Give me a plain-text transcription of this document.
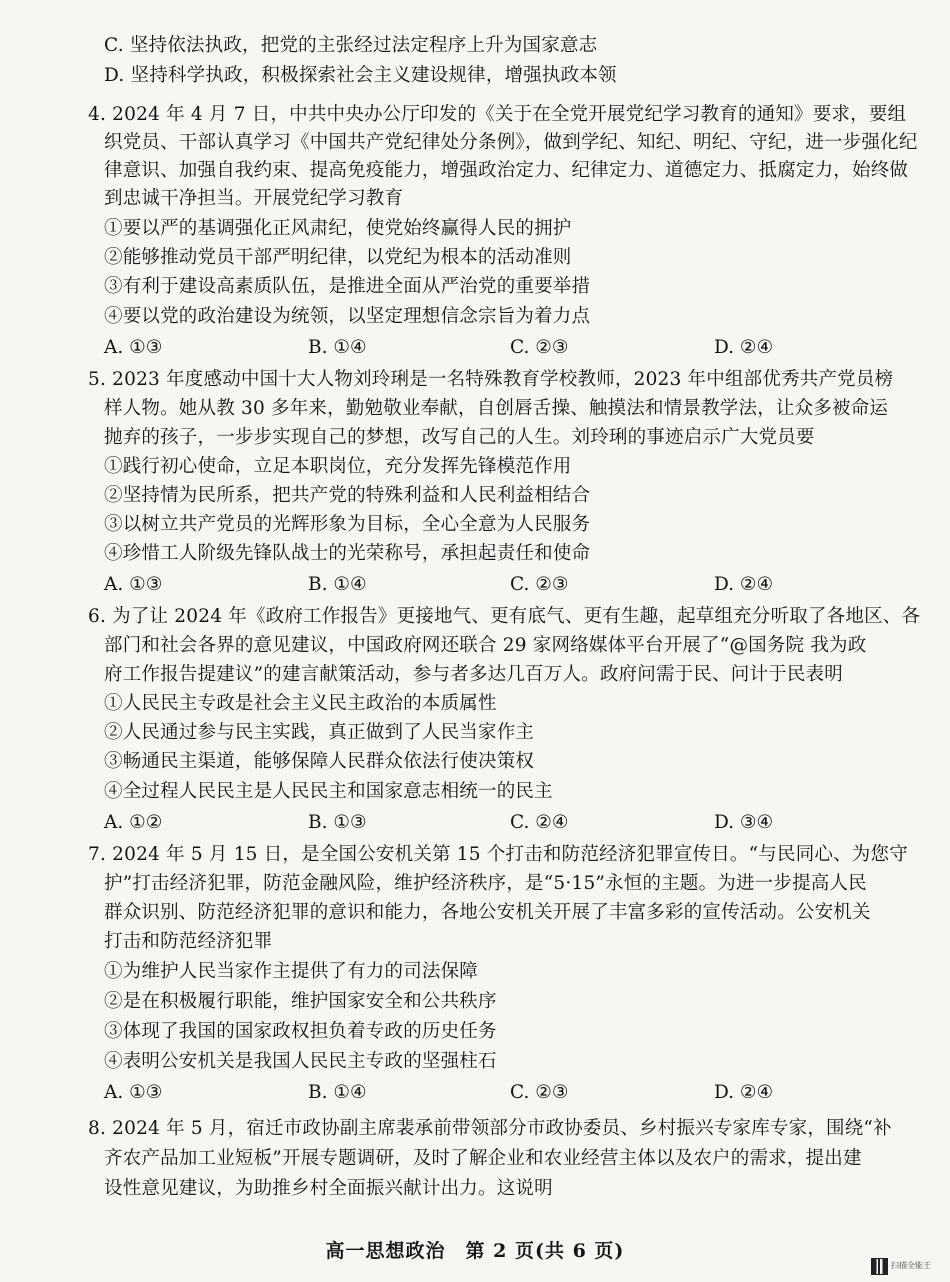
C. 坚持依法执政，把党的主张经过法定程序上升为国家意志
D. 坚持科学执政，积极探索社会主义建设规律，增强执政本领
4. 2024 年 4 月 7 日，中共中央办公厅印发的《关于在全党开展党纪学习教育的通知》要求，要组
织党员、干部认真学习《中国共产党纪律处分条例》，做到学纪、知纪、明纪、守纪，进一步强化纪
律意识、加强自我约束、提高免疫能力，增强政治定力、纪律定力、道德定力、抵腐定力，始终做
到忠诚干净担当。开展党纪学习教育
①要以严的基调强化正风肃纪，使党始终赢得人民的拥护
②能够推动党员干部严明纪律，以党纪为根本的活动准则
③有利于建设高素质队伍，是推进全面从严治党的重要举措
④要以党的政治建设为统领，以坚定理想信念宗旨为着力点
A. ①③	B. ①④	C. ②③	D. ②④
5. 2023 年度感动中国十大人物刘玲琍是一名特殊教育学校教师，2023 年中组部优秀共产党员榜
样人物。她从教 30 多年来，勤勉敬业奉献，自创唇舌操、触摸法和情景教学法，让众多被命运
抛弃的孩子，一步步实现自己的梦想，改写自己的人生。刘玲琍的事迹启示广大党员要
①践行初心使命，立足本职岗位，充分发挥先锋模范作用
②坚持情为民所系，把共产党的特殊利益和人民利益相结合
③以树立共产党员的光辉形象为目标，全心全意为人民服务
④珍惜工人阶级先锋队战士的光荣称号，承担起责任和使命
A. ①③	B. ①④	C. ②③	D. ②④
6. 为了让 2024 年《政府工作报告》更接地气、更有底气、更有生趣，起草组充分听取了各地区、各
部门和社会各界的意见建议，中国政府网还联合 29 家网络媒体平台开展了“@国务院 我为政
府工作报告提建议”的建言献策活动，参与者多达几百万人。政府问需于民、问计于民表明
①人民民主专政是社会主义民主政治的本质属性
②人民通过参与民主实践，真正做到了人民当家作主
③畅通民主渠道，能够保障人民群众依法行使决策权
④全过程人民民主是人民民主和国家意志相统一的民主
A. ①②	B. ①③	C. ②④	D. ③④
7. 2024 年 5 月 15 日，是全国公安机关第 15 个打击和防范经济犯罪宣传日。“与民同心、为您守
护”打击经济犯罪，防范金融风险，维护经济秩序，是“5·15”永恒的主题。为进一步提高人民
群众识别、防范经济犯罪的意识和能力，各地公安机关开展了丰富多彩的宣传活动。公安机关
打击和防范经济犯罪
①为维护人民当家作主提供了有力的司法保障
②是在积极履行职能，维护国家安全和公共秩序
③体现了我国的国家政权担负着专政的历史任务
④表明公安机关是我国人民民主专政的坚强柱石
A. ①③	B. ①④	C. ②③	D. ②④
8. 2024 年 5 月，宿迁市政协副主席裴承前带领部分市政协委员、乡村振兴专家库专家，围绕“补
齐农产品加工业短板”开展专题调研，及时了解企业和农业经营主体以及农户的需求，提出建
设性意见建议，为助推乡村全面振兴献计出力。这说明
高一思想政治　第 2 页(共 6 页)
扫描全能王
